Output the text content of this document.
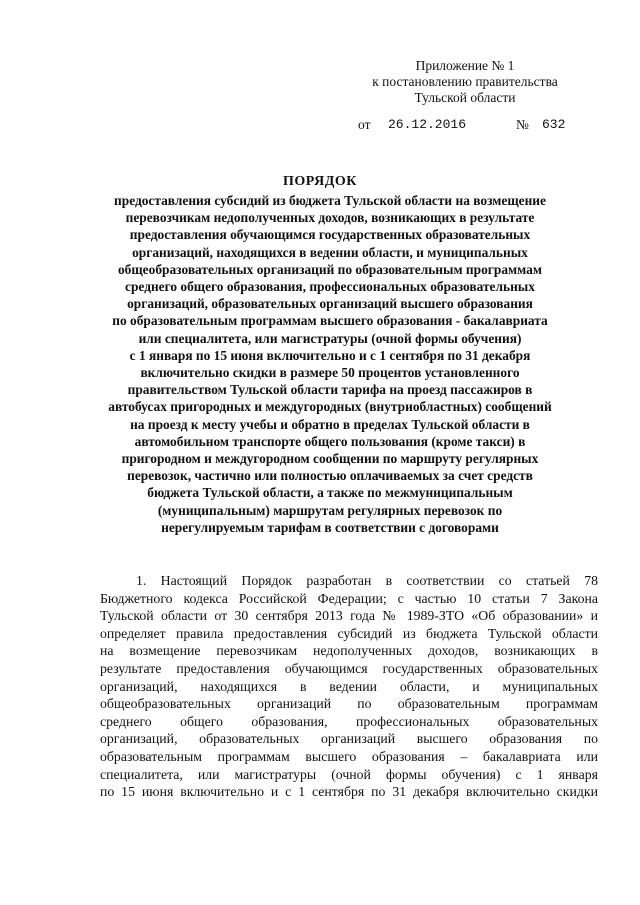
Приложение № 1
к постановлению правительства
Тульской области
от 26.12.2016	№ 632
ПОРЯДОК
предоставления субсидий из бюджета Тульской области на возмещение
перевозчикам недополученных доходов, возникающих в результате
предоставления обучающимся государственных образовательных
организаций, находящихся в ведении области, и муниципальных
общеобразовательных организаций по образовательным программам
среднего общего образования, профессиональных образовательных
организаций, образовательных организаций высшего образования
по образовательным программам высшего образования - бакалавриата
или специалитета, или магистратуры (очной формы обучения)
с 1 января по 15 июня включительно и с 1 сентября по 31 декабря
включительно скидки в размере 50 процентов установленного
правительством Тульской области тарифа на проезд пассажиров в
автобусах пригородных и междугородных (внутриобластных) сообщений
на проезд к месту учебы и обратно в пределах Тульской области в
автомобильном транспорте общего пользования (кроме такси) в
пригородном и междугородном сообщении по маршруту регулярных
перевозок, частично или полностью оплачиваемых за счет средств
бюджета Тульской области, а также по межмуниципальным
(муниципальным) маршрутам регулярных перевозок по
нерегулируемым тарифам в соответствии с договорами
1. Настоящий Порядок разработан в соответствии со статьей 78
Бюджетного кодекса Российской Федерации; с частью 10 статьи 7 Закона
Тульской области от 30 сентября 2013 года № 1989-ЗТО «Об образовании» и
определяет правила предоставления субсидий из бюджета Тульской области
на возмещение перевозчикам недополученных доходов, возникающих в
результате предоставления обучающимся государственных образовательных
организаций, находящихся в ведении области, и муниципальных
общеобразовательных организаций по образовательным программам
среднего общего образования, профессиональных образовательных
организаций, образовательных организаций высшего образования по
образовательным программам высшего образования – бакалавриата или
специалитета, или магистратуры (очной формы обучения) с 1 января
по 15 июня включительно и с 1 сентября по 31 декабря включительно скидки
